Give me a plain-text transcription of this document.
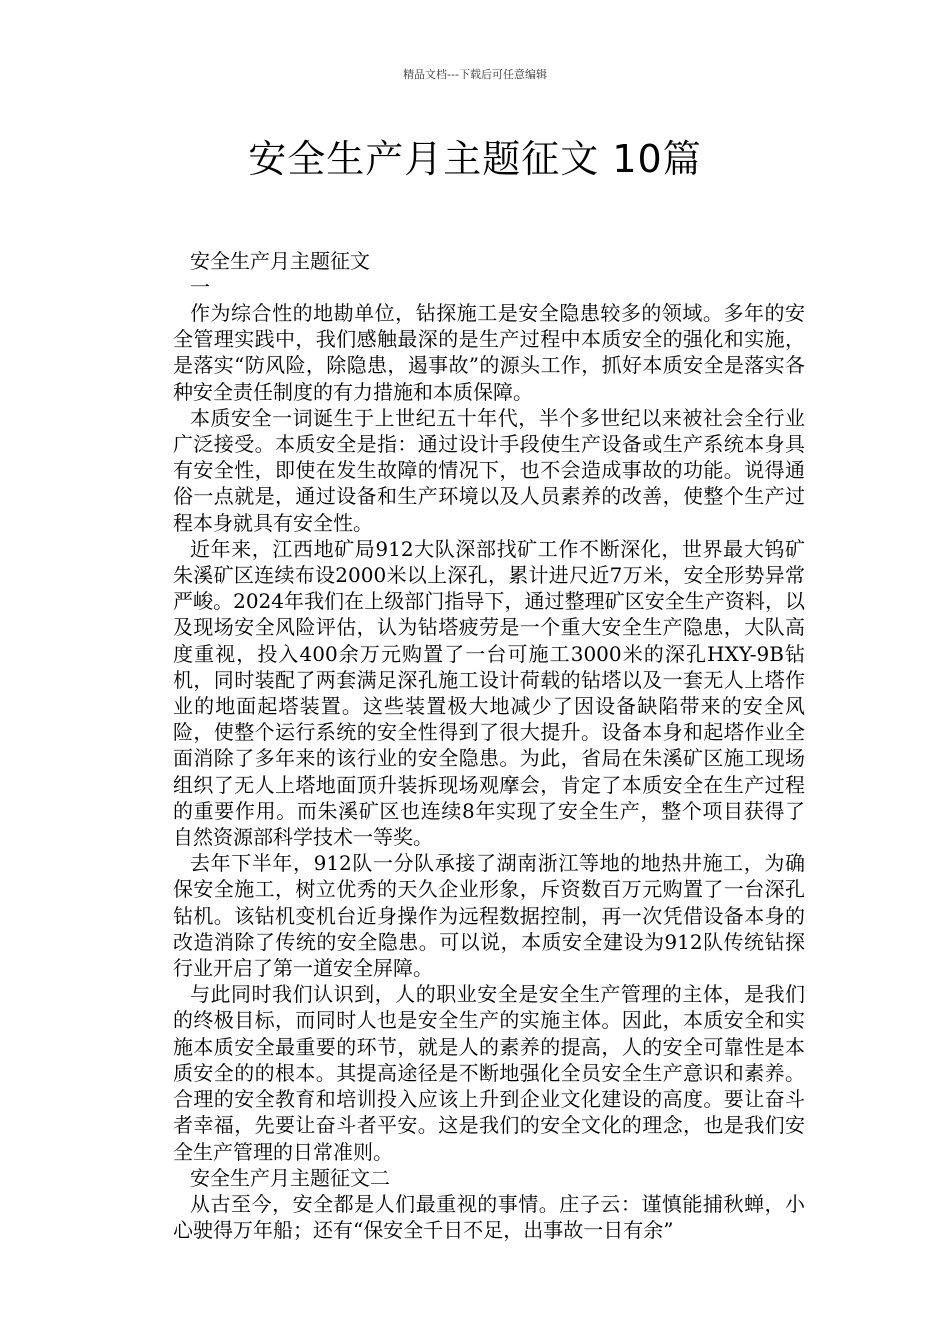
精品文档---下载后可任意编辑
安全生产月主题征文 10篇

安全生产月主题征文
一

作为综合性的地勘单位，钻探施工是安全隐患较多的领域。多年的安全管理实践中，我们感触最深的是生产过程中本质安全的强化和实施，是落实“防风险，除隐患，遏事故”的源头工作，抓好本质安全是落实各种安全责任制度的有力措施和本质保障。

本质安全一词诞生于上世纪五十年代，半个多世纪以来被社会全行业广泛接受。本质安全是指：通过设计手段使生产设备或生产系统本身具有安全性，即使在发生故障的情况下，也不会造成事故的功能。说得通俗一点就是，通过设备和生产环境以及人员素养的改善，使整个生产过程本身就具有安全性。

近年来，江西地矿局912大队深部找矿工作不断深化，世界最大钨矿朱溪矿区连续布设2000米以上深孔，累计进尺近7万米，安全形势异常严峻。2024年我们在上级部门指导下，通过整理矿区安全生产资料，以及现场安全风险评估，认为钻塔疲劳是一个重大安全生产隐患，大队高度重视，投入400余万元购置了一台可施工3000米的深孔HXY-9B钻机，同时装配了两套满足深孔施工设计荷载的钻塔以及一套无人上塔作业的地面起塔装置。这些装置极大地减少了因设备缺陷带来的安全风险，使整个运行系统的安全性得到了很大提升。设备本身和起塔作业全面消除了多年来的该行业的安全隐患。为此，省局在朱溪矿区施工现场组织了无人上塔地面顶升装拆现场观摩会，肯定了本质安全在生产过程的重要作用。而朱溪矿区也连续8年实现了安全生产，整个项目获得了自然资源部科学技术一等奖。

去年下半年，912队一分队承接了湖南浙江等地的地热井施工，为确保安全施工，树立优秀的天久企业形象，斥资数百万元购置了一台深孔钻机。该钻机变机台近身操作为远程数据控制，再一次凭借设备本身的改造消除了传统的安全隐患。可以说，本质安全建设为912队传统钻探行业开启了第一道安全屏障。

与此同时我们认识到，人的职业安全是安全生产管理的主体，是我们的终极目标，而同时人也是安全生产的实施主体。因此，本质安全和实施本质安全最重要的环节，就是人的素养的提高，人的安全可靠性是本质安全的的根本。其提高途径是不断地强化全员安全生产意识和素养。合理的安全教育和培训投入应该上升到企业文化建设的高度。要让奋斗者幸福，先要让奋斗者平安。这是我们的安全文化的理念，也是我们安全生产管理的日常准则。

安全生产月主题征文二

从古至今，安全都是人们最重视的事情。庄子云：谨慎能捕秋蝉，小心驶得万年船；还有“保安全千日不足，出事故一日有余”
